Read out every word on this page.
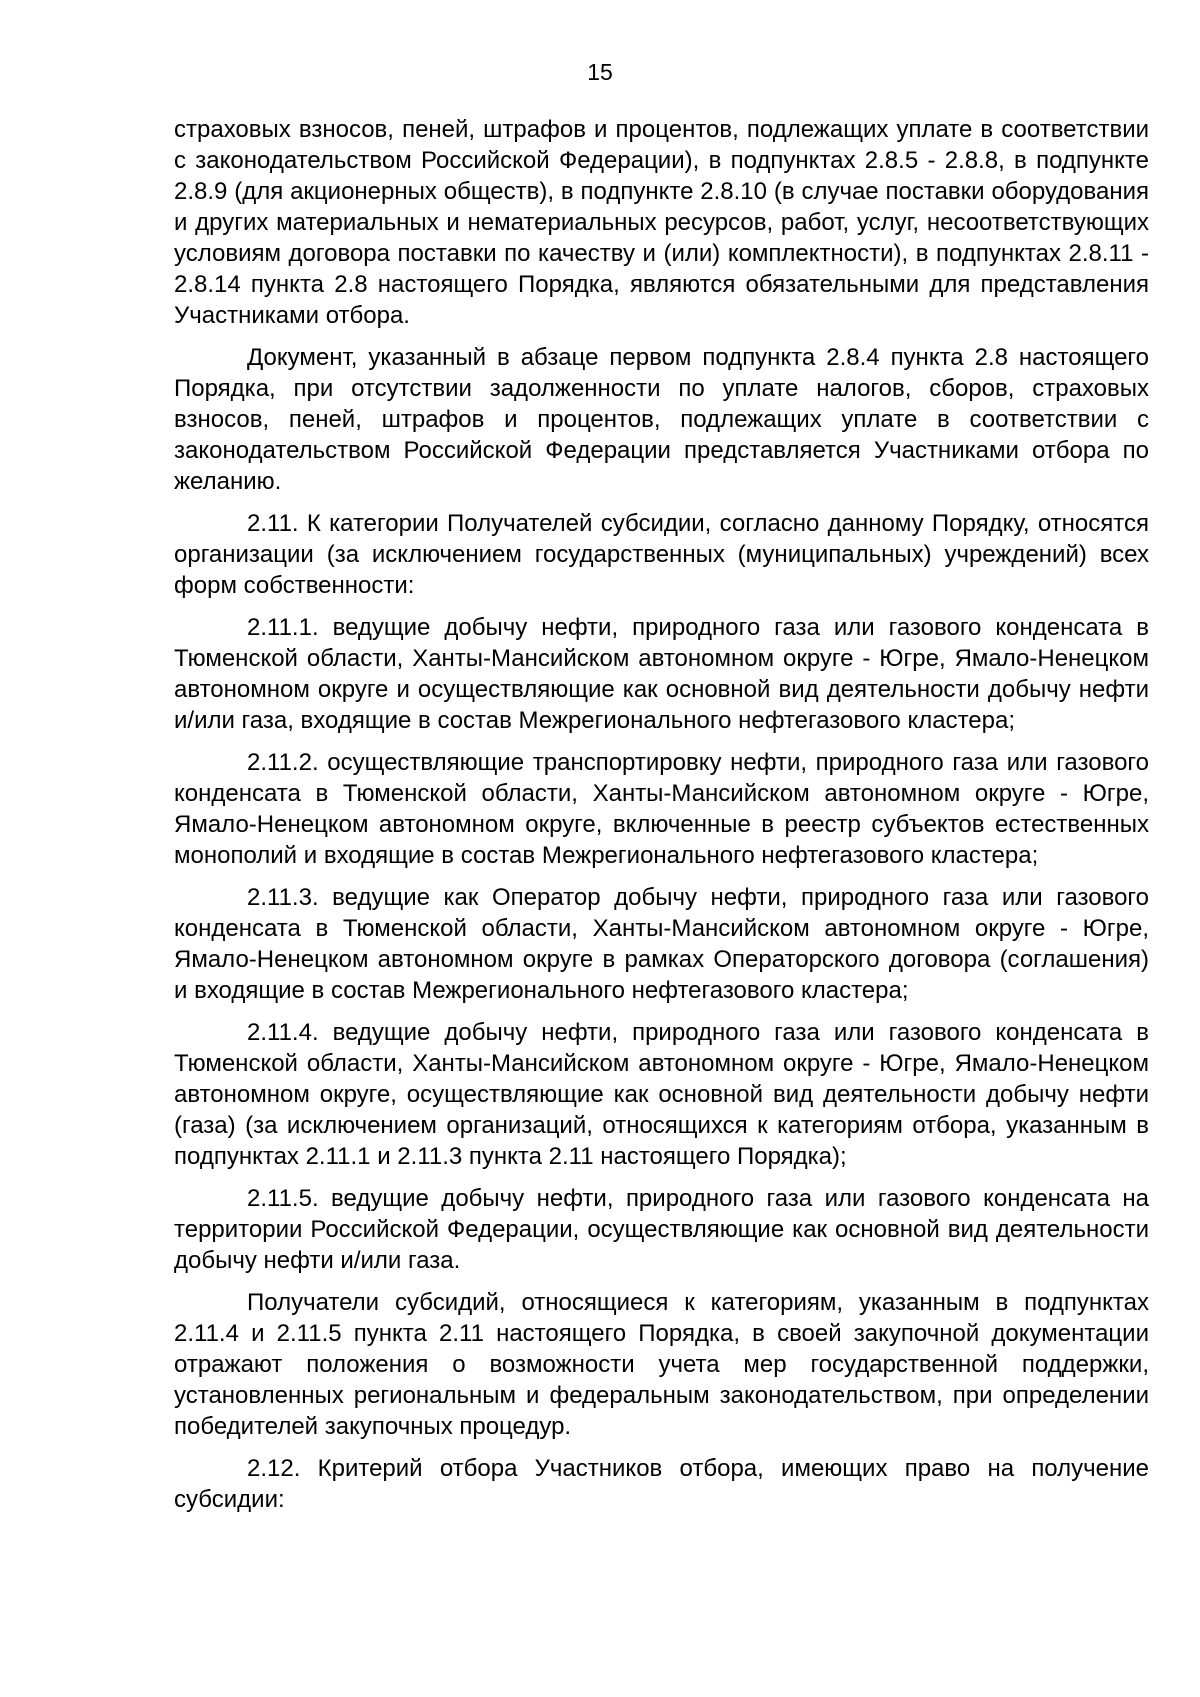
15

страховых взносов, пеней, штрафов и процентов, подлежащих уплате в соответствии с законодательством Российской Федерации), в подпунктах 2.8.5 - 2.8.8, в подпункте 2.8.9 (для акционерных обществ), в подпункте 2.8.10 (в случае поставки оборудования и других материальных и нематериальных ресурсов, работ, услуг, несоответствующих условиям договора поставки по качеству и (или) комплектности), в подпунктах 2.8.11 - 2.8.14 пункта 2.8 настоящего Порядка, являются обязательными для представления Участниками отбора.

Документ, указанный в абзаце первом подпункта 2.8.4 пункта 2.8 настоящего Порядка, при отсутствии задолженности по уплате налогов, сборов, страховых взносов, пеней, штрафов и процентов, подлежащих уплате в соответствии с законодательством Российской Федерации представляется Участниками отбора по желанию.

2.11. К категории Получателей субсидии, согласно данному Порядку, относятся организации (за исключением государственных (муниципальных) учреждений) всех форм собственности:

2.11.1. ведущие добычу нефти, природного газа или газового конденсата в Тюменской области, Ханты-Мансийском автономном округе - Югре, Ямало-Ненецком автономном округе и осуществляющие как основной вид деятельности добычу нефти и/или газа, входящие в состав Межрегионального нефтегазового кластера;

2.11.2. осуществляющие транспортировку нефти, природного газа или газового конденсата в Тюменской области, Ханты-Мансийском автономном округе - Югре, Ямало-Ненецком автономном округе, включенные в реестр субъектов естественных монополий и входящие в состав Межрегионального нефтегазового кластера;

2.11.3. ведущие как Оператор добычу нефти, природного газа или газового конденсата в Тюменской области, Ханты-Мансийском автономном округе - Югре, Ямало-Ненецком автономном округе в рамках Операторского договора (соглашения) и входящие в состав Межрегионального нефтегазового кластера;

2.11.4. ведущие добычу нефти, природного газа или газового конденсата в Тюменской области, Ханты-Мансийском автономном округе - Югре, Ямало-Ненецком автономном округе, осуществляющие как основной вид деятельности добычу нефти (газа) (за исключением организаций, относящихся к категориям отбора, указанным в подпунктах 2.11.1 и 2.11.3 пункта 2.11 настоящего Порядка);

2.11.5. ведущие добычу нефти, природного газа или газового конденсата на территории Российской Федерации, осуществляющие как основной вид деятельности добычу нефти и/или газа.

Получатели субсидий, относящиеся к категориям, указанным в подпунктах 2.11.4 и 2.11.5 пункта 2.11 настоящего Порядка, в своей закупочной документации отражают положения о возможности учета мер государственной поддержки, установленных региональным и федеральным законодательством, при определении победителей закупочных процедур.

2.12. Критерий отбора Участников отбора, имеющих право на получение субсидии:
